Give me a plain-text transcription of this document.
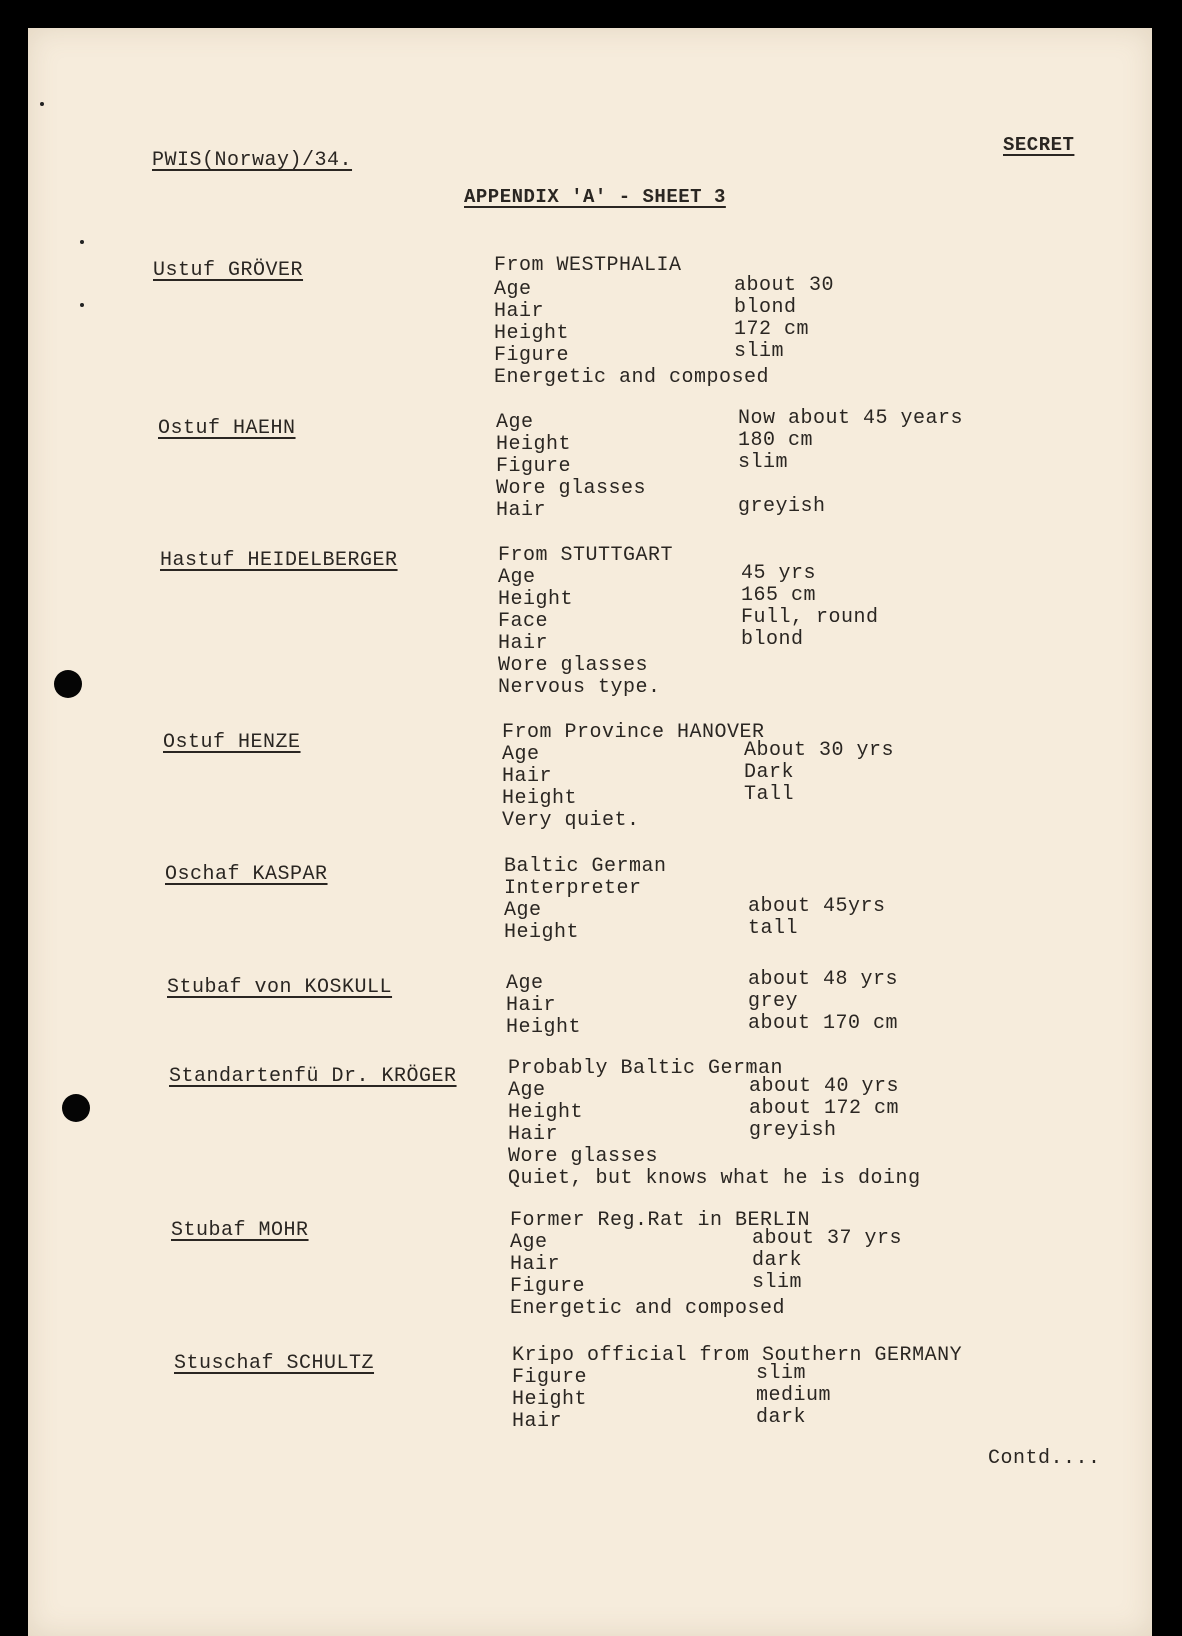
PWIS(Norway)/34.
SECRET
APPENDIX 'A' - SHEET 3
Ustuf GRÖVER	From WESTPHALIA
Age	about 30
Hair	blond
Height	172 cm
Figure	slim
Energetic and composed
Ostuf HAEHN	Age	Now about 45 years
Height	180 cm
Figure	slim
Wore glasses
Hair	greyish
Hastuf HEIDELBERGER	From STUTTGART
Age	45 yrs
Height	165 cm
Face	Full, round
Hair	blond
Wore glasses
Nervous type.
Ostuf HENZE	From Province HANOVER
Age	About 30 yrs
Hair	Dark
Height	Tall
Very quiet.
Oschaf KASPAR	Baltic German
Interpreter
Age	about 45yrs
Height	tall
Stubaf von KOSKULL	Age	about 48 yrs
Hair	grey
Height	about 170 cm
Standartenfü Dr. KRÖGER	Probably Baltic German
Age	about 40 yrs
Height	about 172 cm
Hair	greyish
Wore glasses
Quiet, but knows what he is doing
Stubaf MOHR	Former Reg.Rat in BERLIN
Age	about 37 yrs
Hair	dark
Figure	slim
Energetic and composed
Stuschaf SCHULTZ	Kripo official from Southern GERMANY
Figure	slim
Height	medium
Hair	dark
Contd....
